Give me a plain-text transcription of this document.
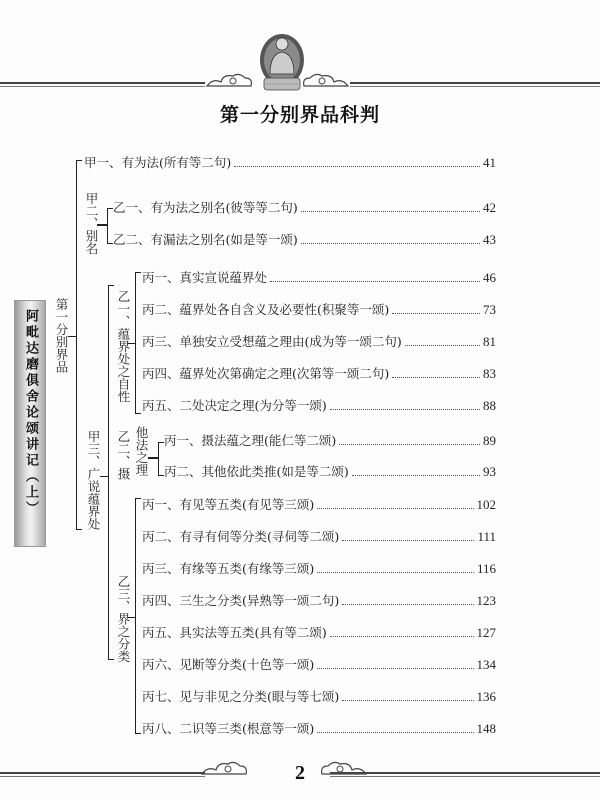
第一分别界品科判
阿毗达磨俱舍论颂讲记（上）	第一分别界品
甲一、有为法(所有等二句)	41
甲二、别名 乙一、有为法之别名(彼等等二句)	42
乙二、有漏法之别名(如是等一颂)	43
甲三、广说蕴界处
乙一、蕴界处之自性
丙一、真实宣说蕴界处	46
丙二、蕴界处各自含义及必要性(积聚等一颂)	73
丙三、单独安立受想蕴之理由(成为等一颂二句)	81
丙四、蕴界处次第确定之理(次第等一颂二句)	83
丙五、二处决定之理(为分等一颂)	88
乙二、摄 他法之理 丙一、摄法蕴之理(能仁等二颂)	89
丙二、其他依此类推(如是等二颂)	93
乙三、界之分类
丙一、有见等五类(有见等三颂)	102
丙二、有寻有伺等分类(寻伺等二颂)	111
丙三、有缘等五类(有缘等三颂)	116
丙四、三生之分类(异熟等一颂二句)	123
丙五、具实法等五类(具有等二颂)	127
丙六、见断等分类(十色等一颂)	134
丙七、见与非见之分类(眼与等七颂)	136
丙八、二识等三类(根意等一颂)	148
2
